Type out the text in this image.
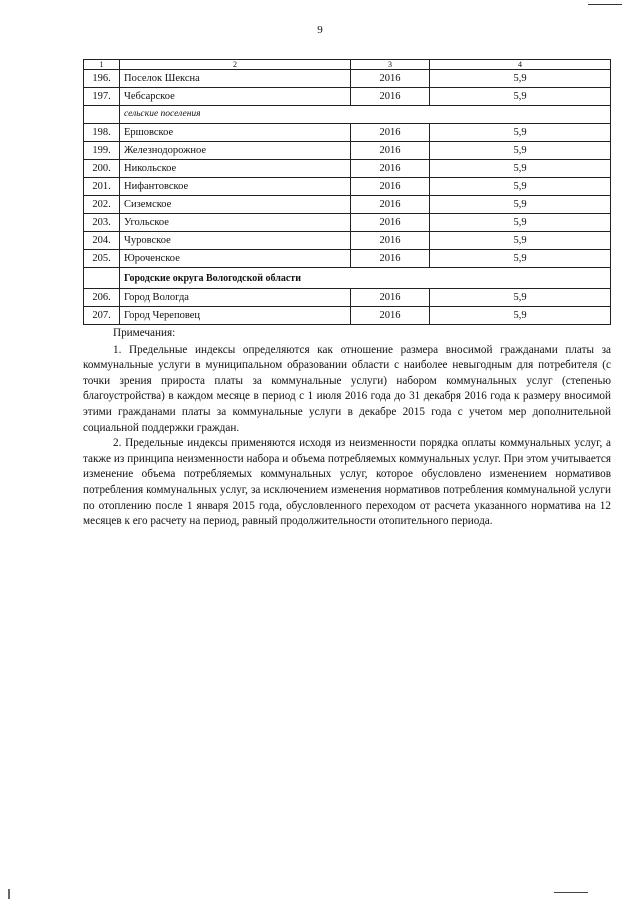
9
1	2	3	4
196.	Поселок Шексна	2016	5,9
197.	Чебсарское	2016	5,9
	сельские поселения		
198.	Ершовское	2016	5,9
199.	Железнодорожное	2016	5,9
200.	Никольское	2016	5,9
201.	Нифантовское	2016	5,9
202.	Сиземское	2016	5,9
203.	Угольское	2016	5,9
204.	Чуровское	2016	5,9
205.	Юроченское	2016	5,9
	Городские округа Вологодской области		
206.	Город Вологда	2016	5,9
207.	Город Череповец	2016	5,9

Примечания:

1. Предельные индексы определяются как отношение размера вносимой гражданами платы за коммунальные услуги в муниципальном образовании области с наиболее невыгодным для потребителя (с точки зрения прироста платы за коммунальные услуги) набором коммунальных услуг (степенью благоустройства) в каждом месяце в период с 1 июля 2016 года до 31 декабря 2016 года к размеру вносимой этими гражданами платы за коммунальные услуги в декабре 2015 года с учетом мер дополнительной социальной поддержки граждан.

2. Предельные индексы применяются исходя из неизменности порядка оплаты коммунальных услуг, а также из принципа неизменности набора и объема потребляемых коммунальных услуг. При этом учитывается изменение объема потребляемых коммунальных услуг, которое обусловлено изменением нормативов потребления коммунальных услуг, за исключением изменения нормативов потребления коммунальной услуги по отоплению после 1 января 2015 года, обусловленного переходом от расчета указанного норматива на 12 месяцев к его расчету на период, равный продолжительности отопительного периода.
